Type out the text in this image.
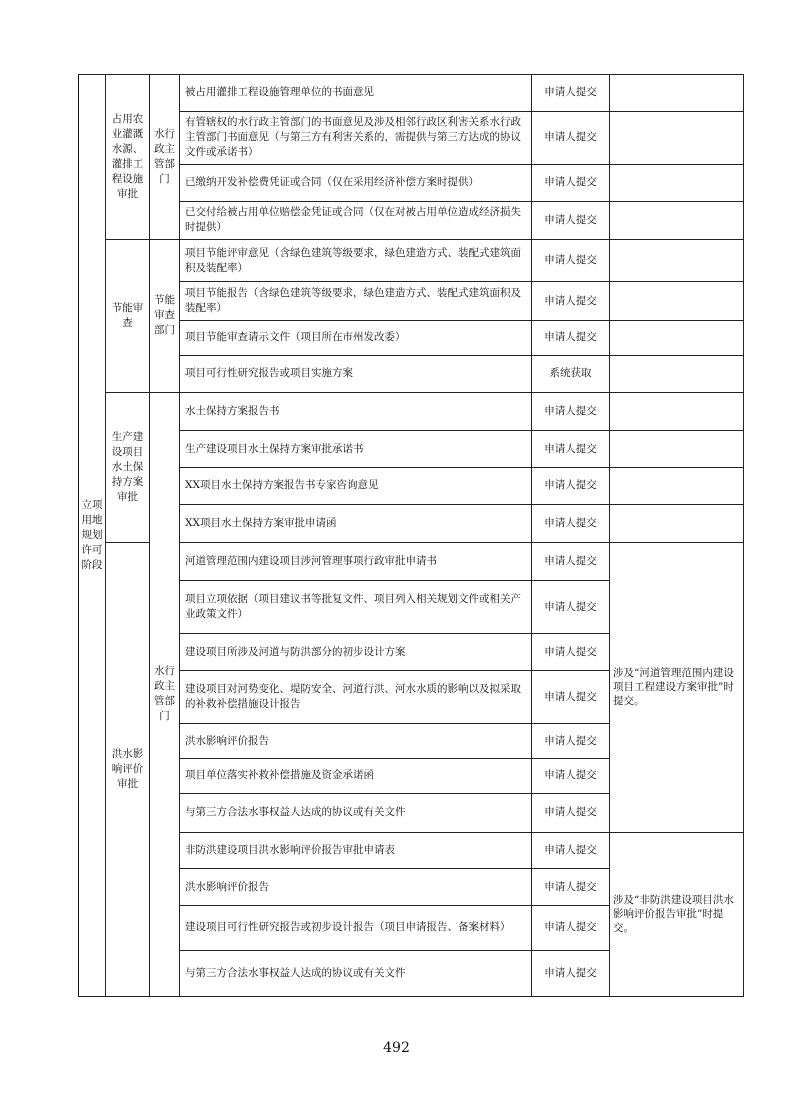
立项用地规划许可阶段	占用农业灌溉水源、灌排工程设施审批	水行政主管部门	被占用灌排工程设施管理单位的书面意见	申请人提交	
			有管辖权的水行政主管部门的书面意见及涉及相邻行政区利害关系水行政主管部门书面意见（与第三方有利害关系的，需提供与第三方达成的协议文件或承诺书）	申请人提交	
			已缴纳开发补偿费凭证或合同（仅在采用经济补偿方案时提供）	申请人提交	
			已交付给被占用单位赔偿金凭证或合同（仅在对被占用单位造成经济损失时提供）	申请人提交	

	节能审查	节能审查部门	项目节能评审意见（含绿色建筑等级要求，绿色建造方式、装配式建筑面积及装配率）	申请人提交	
			项目节能报告（含绿色建筑等级要求，绿色建造方式、装配式建筑面积及装配率）	申请人提交	
			项目节能审查请示文件（项目所在市州发改委）	申请人提交	
			项目可行性研究报告或项目实施方案	系统获取	

	生产建设项目水土保持方案审批	水行政主管部门	水土保持方案报告书	申请人提交	
			生产建设项目水土保持方案审批承诺书	申请人提交	
			XX项目水土保持方案报告书专家咨询意见	申请人提交	
			XX项目水土保持方案审批申请函	申请人提交	

	洪水影响评价审批		河道管理范围内建设项目涉河管理事项行政审批申请书	申请人提交	涉及“河道管理范围内建设项目工程建设方案审批”时提交。
			项目立项依据（项目建议书等批复文件、项目列入相关规划文件或相关产业政策文件）	申请人提交	
			建设项目所涉及河道与防洪部分的初步设计方案	申请人提交	
			建设项目对河势变化、堤防安全、河道行洪、河水水质的影响以及拟采取的补救补偿措施设计报告	申请人提交	
			洪水影响评价报告	申请人提交	
			项目单位落实补救补偿措施及资金承诺函	申请人提交	
			与第三方合法水事权益人达成的协议或有关文件	申请人提交	
			非防洪建设项目洪水影响评价报告审批申请表	申请人提交	涉及“非防洪建设项目洪水影响评价报告审批”时提交。
			洪水影响评价报告	申请人提交	
			建设项目可行性研究报告或初步设计报告（项目申请报告、备案材料）	申请人提交	
			与第三方合法水事权益人达成的协议或有关文件	申请人提交	
492
